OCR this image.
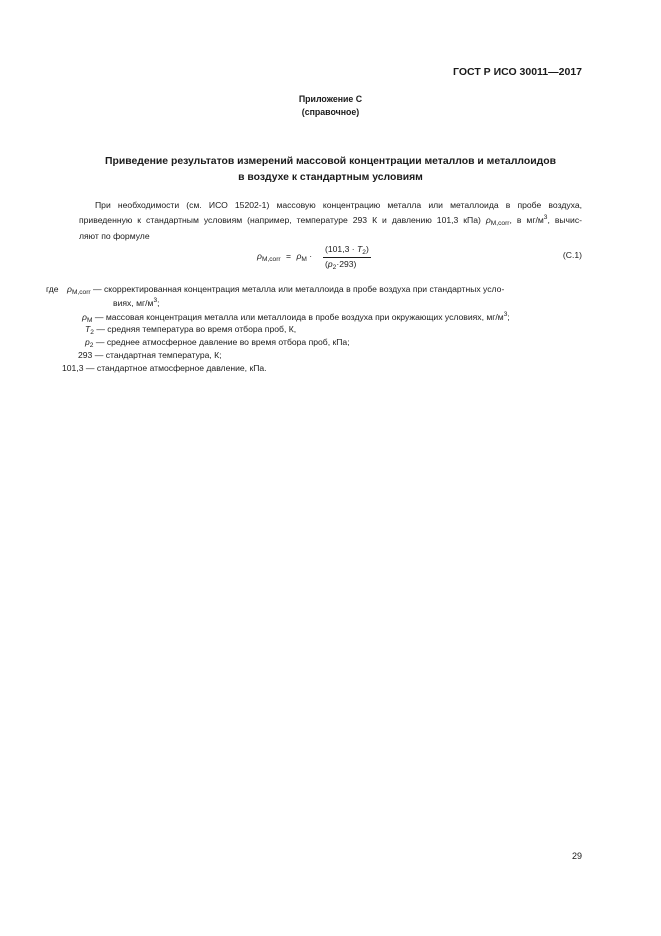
ГОСТ Р ИСО 30011—2017
Приложение С
(справочное)
Приведение результатов измерений массовой концентрации металлов и металлоидов
в воздухе к стандартным условиям

При необходимости (см. ИСО 15202-1) массовую концентрацию металла или металлоида в пробе воздуха,

приведенную к стандартным условиям (например, температуре 293 К и давлению 101,3 кПа) $\rho_{M,corr}$, в $мг/м^3$, вычис-

ляют по формуле

$\rho_{M,corr} = \rho_M$ ·
$(101,3 \cdot T_2)$
$(p_2\cdot 293)$
(С.1)
где $\rho_{M,corr}$ — скорректированная концентрация металла или металлоида в пробе воздуха при стандартных усло-
виях, $мг/м^3$;
$\rho_M$ — массовая концентрация металла или металлоида в пробе воздуха при окружающих условиях, $мг/м^3$;
$T_2$ — средняя температура во время отбора проб, К,
$p_2$ — среднее атмосферное давление во время отбора проб, кПа;
293 — стандартная температура, К;
101,3 — стандартное атмосферное давление, кПа.
29
